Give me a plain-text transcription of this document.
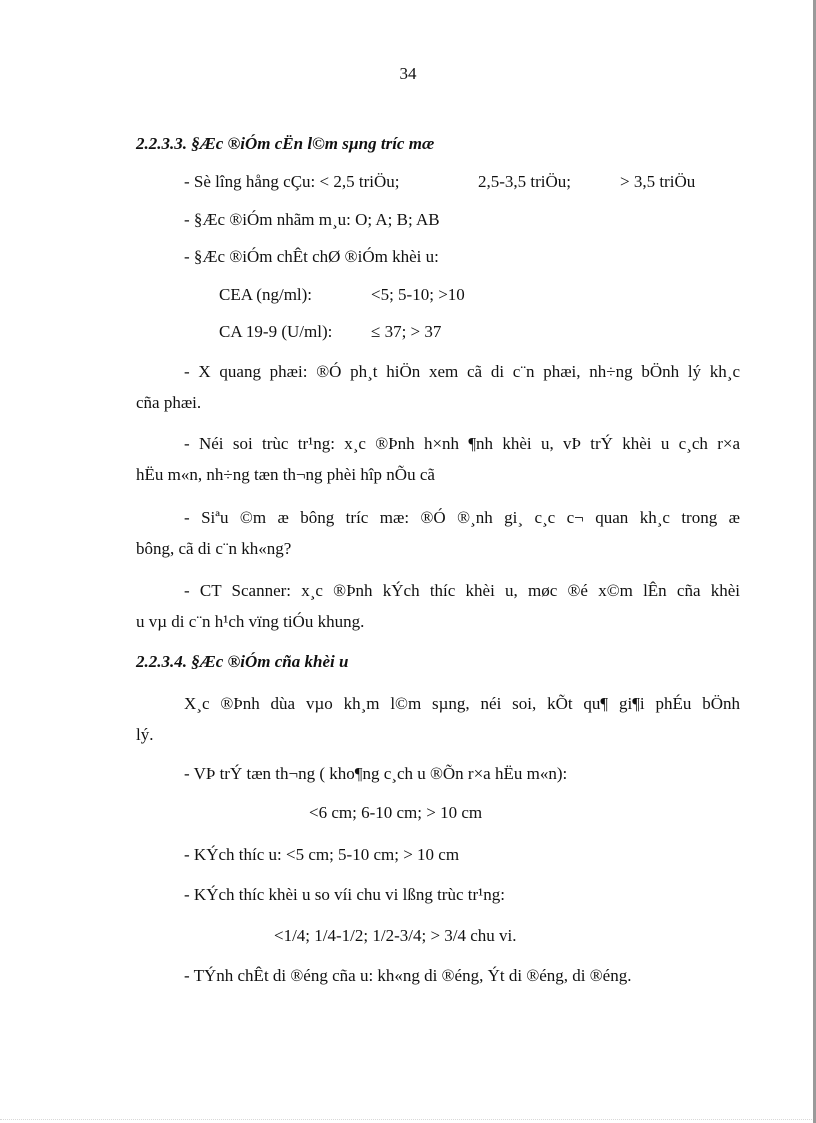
34
2.2.3.3. §Æc ®iÓm cËn l©m sµng tríc mæ
- Sè lîng hång cÇu: < 2,5 triÖu;	2,5-3,5 triÖu;	> 3,5 triÖu
- §Æc ®iÓm nhãm m¸u: O; A; B; AB
- §Æc ®iÓm chÊt chØ ®iÓm khèi u:
CEA (ng/ml):	<5; 5-10; >10
CA 19-9 (U/ml): ≤ 37; > 37
- X quang phæi: ®Ó ph¸t hiÖn xem cã di c¨n phæi, nh÷ng bÖnh lý kh¸c
cña phæi.
- Néi soi trùc tr¹ng: x¸c ®Þnh h×nh ¶nh khèi u, vÞ trÝ khèi u c¸ch r×a
hËu m«n, nh÷ng tæn th¬ng phèi hîp nÕu cã
- Siªu ©m æ bông tríc mæ: ®Ó ®¸nh gi¸ c¸c c¬ quan kh¸c trong æ
bông, cã di c¨n kh«ng?
- CT Scanner: x¸c ®Þnh kÝch thíc khèi u, møc ®é x©m lÊn cña khèi
u vµ di c¨n h¹ch vïng tiÓu khung.
2.2.3.4. §Æc ®iÓm cña khèi u
X¸c ®Þnh dùa vµo kh¸m l©m sµng, néi soi, kÕt qu¶ gi¶i phÉu bÖnh
lý.
- VÞ trÝ tæn th¬ng ( kho¶ng c¸ch u ®Õn r×a hËu m«n):
<6 cm; 6-10 cm; > 10 cm
- KÝch thíc u: <5 cm; 5-10 cm; > 10 cm
- KÝch thíc khèi u so víi chu vi lßng trùc tr¹ng:
<1/4; 1/4-1/2; 1/2-3/4; > 3/4 chu vi.
- TÝnh chÊt di ®éng cña u: kh«ng di ®éng, Ýt di ®éng, di ®éng.
